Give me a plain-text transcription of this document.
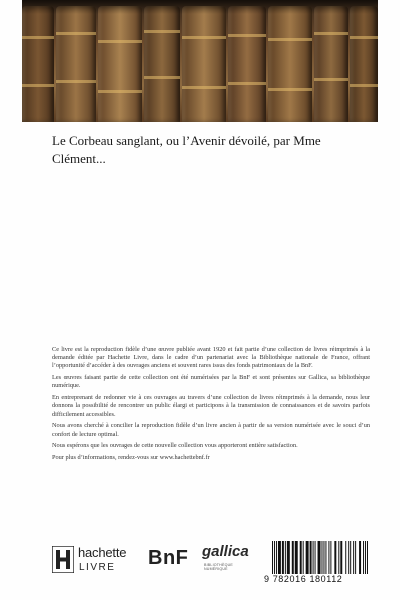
Le Corbeau sanglant, ou l’Avenir dévoilé, par Mme Clément...

Ce livre est la reproduction fidèle d’une œuvre publiée avant 1920 et fait partie d’une collection de livres réimprimés à la demande éditée par Hachette Livre, dans le cadre d’un partenariat avec la Bibliothèque nationale de France, offrant l’opportunité d’accéder à des ouvrages anciens et souvent rares issus des fonds patrimoniaux de la BnF.

Les œuvres faisant partie de cette collection ont été numérisées par la BnF et sont présentes sur Gallica, sa bibliothèque numérique.

En entreprenant de redonner vie à ces ouvrages au travers d’une collection de livres réimprimés à la demande, nous leur donnons la possibilité de rencontrer un public élargi et participons à la transmission de connaissances et de savoirs parfois difficilement accessibles.

Nous avons cherché à concilier la reproduction fidèle d’un livre ancien à partir de sa version numérisée avec le souci d’un confort de lecture optimal.

Nous espérons que les ouvrages de cette nouvelle collection vous apporteront entière satisfaction.

Pour plus d’informations, rendez-vous sur www.hachettebnf.fr

hachette
LIVRE BnF gallica
BIBLIOTHÈQUE NUMÉRIQUE
9 782016 180112
